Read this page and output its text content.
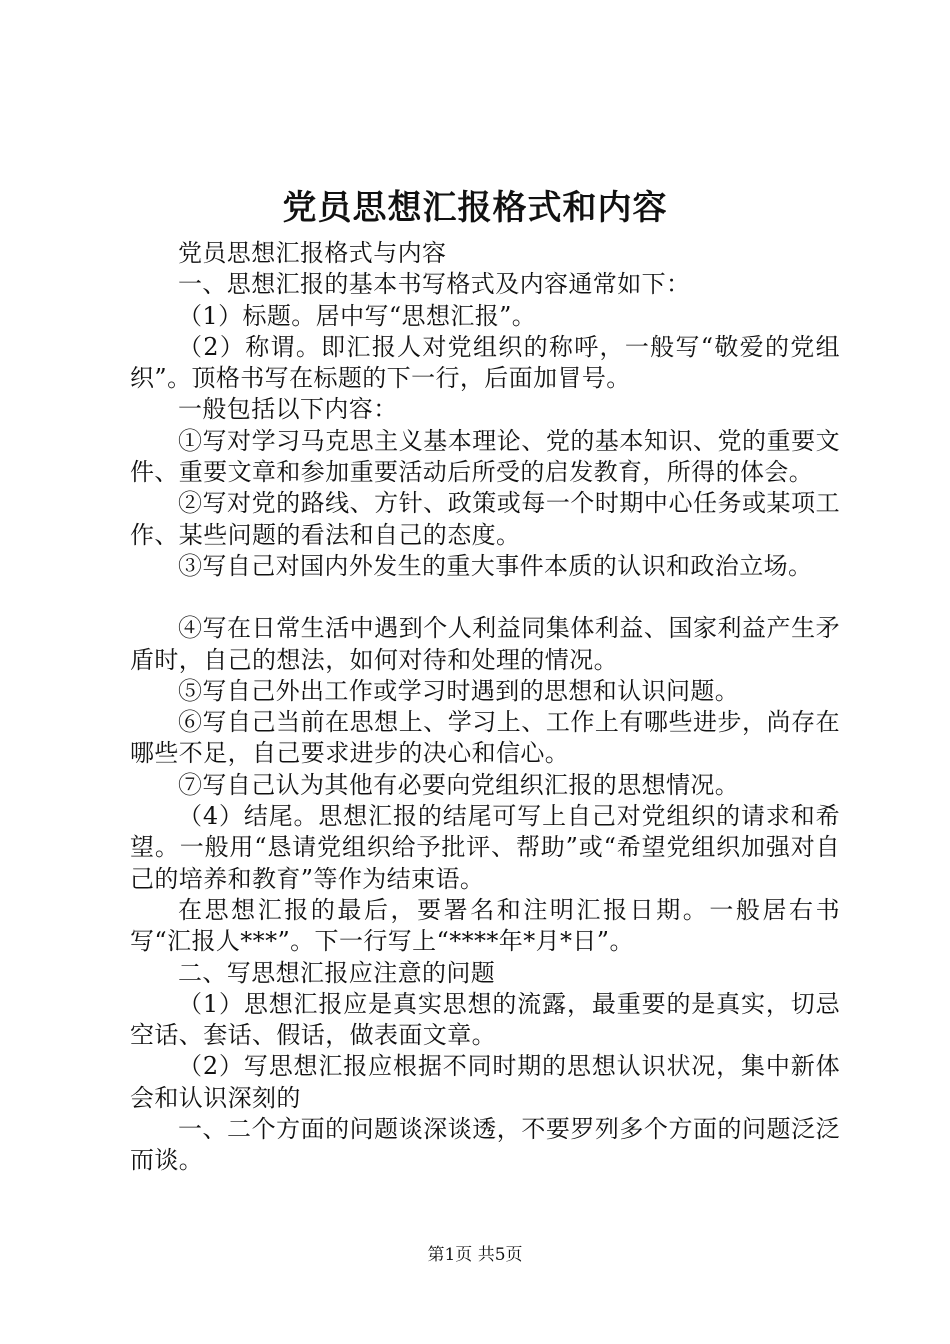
党员思想汇报格式和内容

党员思想汇报格式与内容

一、思想汇报的基本书写格式及内容通常如下：

（1）标题。居中写“思想汇报”。

（2）称谓。即汇报人对党组织的称呼，一般写“敬爱的党组织”。顶格书写在标题的下一行，后面加冒号。

一般包括以下内容：

①写对学习马克思主义基本理论、党的基本知识、党的重要文件、重要文章和参加重要活动后所受的启发教育，所得的体会。

②写对党的路线、方针、政策或每一个时期中心任务或某项工作、某些问题的看法和自己的态度。

③写自己对国内外发生的重大事件本质的认识和政治立场。

④写在日常生活中遇到个人利益同集体利益、国家利益产生矛盾时，自己的想法，如何对待和处理的情况。

⑤写自己外出工作或学习时遇到的思想和认识问题。

⑥写自己当前在思想上、学习上、工作上有哪些进步，尚存在哪些不足，自己要求进步的决心和信心。

⑦写自己认为其他有必要向党组织汇报的思想情况。

（4）结尾。思想汇报的结尾可写上自己对党组织的请求和希望。一般用“恳请党组织给予批评、帮助”或“希望党组织加强对自己的培养和教育”等作为结束语。

在思想汇报的最后，要署名和注明汇报日期。一般居右书写“汇报人***”。下一行写上“****年*月*日”。

二、写思想汇报应注意的问题

（1）思想汇报应是真实思想的流露，最重要的是真实，切忌空话、套话、假话，做表面文章。

（2）写思想汇报应根据不同时期的思想认识状况，集中新体会和认识深刻的

一、二个方面的问题谈深谈透，不要罗列多个方面的问题泛泛而谈。

第1页 共5页
